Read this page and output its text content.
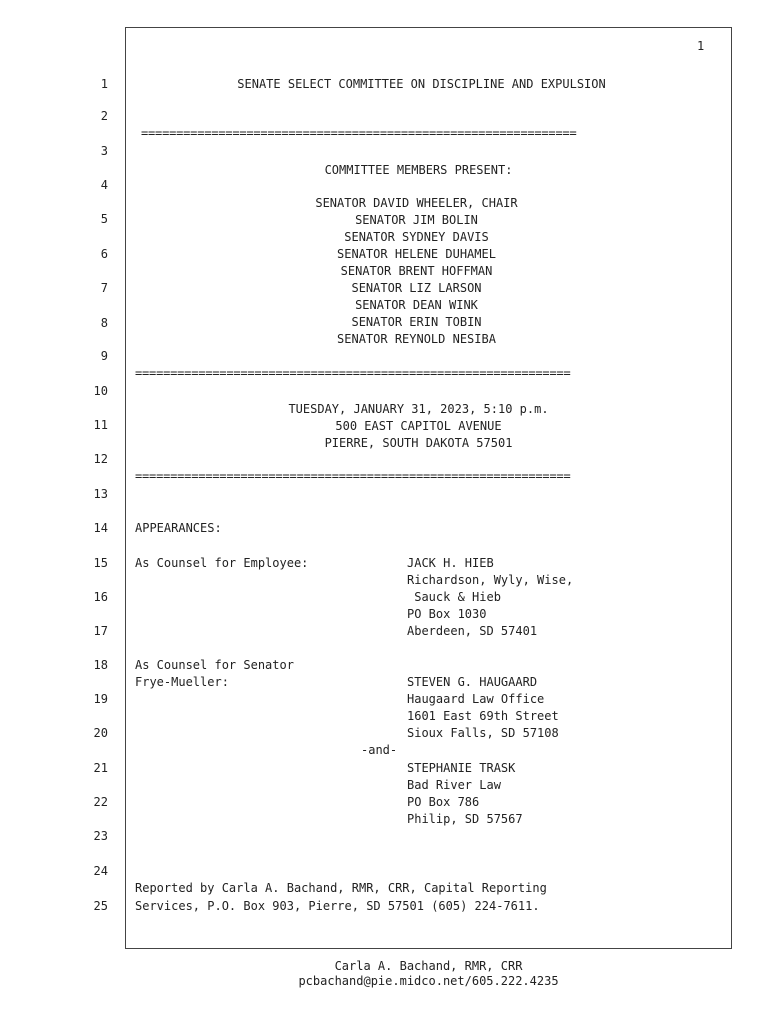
1
1
2
3
4
5
6
7
8
9
10
11
12
13
14
15
16
17
18
19
20
21
22
23
24
25
SENATE SELECT COMMITTEE ON DISCIPLINE AND EXPULSION
==============================================================
==============================================================
==============================================================
COMMITTEE MEMBERS PRESENT:
SENATOR DAVID WHEELER, CHAIR
SENATOR JIM BOLIN
SENATOR SYDNEY DAVIS
SENATOR HELENE DUHAMEL
SENATOR BRENT HOFFMAN
SENATOR LIZ LARSON
SENATOR DEAN WINK
SENATOR ERIN TOBIN
SENATOR REYNOLD NESIBA
TUESDAY, JANUARY 31, 2023, 5:10 p.m.
500 EAST CAPITOL AVENUE
PIERRE, SOUTH DAKOTA 57501
APPEARANCES:
As Counsel for Employee:	JACK H. HIEB
Richardson, Wyly, Wise,
Sauck & Hieb
PO Box 1030
Aberdeen, SD 57401
As Counsel for Senator
Frye-Mueller:	STEVEN G. HAUGAARD
Haugaard Law Office
1601 East 69th Street
Sioux Falls, SD 57108
-and-
STEPHANIE TRASK
Bad River Law
PO Box 786
Philip, SD 57567
Reported by Carla A. Bachand, RMR, CRR, Capital Reporting
Services, P.O. Box 903, Pierre, SD 57501 (605) 224-7611.
Carla A. Bachand, RMR, CRR
pcbachand@pie.midco.net/605.222.4235
